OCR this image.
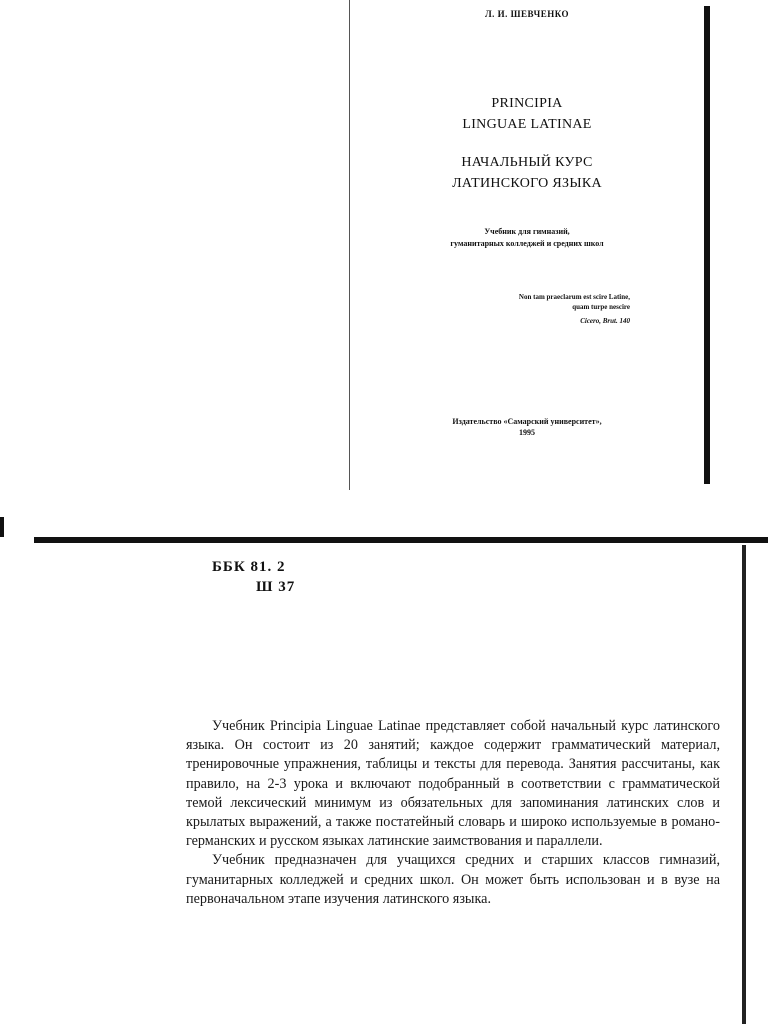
Л. И. ШЕВЧЕНКО
PRINCIPIA
LINGUAE LATINAE
НАЧАЛЬНЫЙ КУРС
ЛАТИНСКОГО ЯЗЫКА
Учебник для гимназий,
гуманитарных колледжей и средних школ
Non tam praeclarum est scire Latine,
quam turpe nescire
Cicero, Brut. 140
Издательство «Самарский университет»,
1995
ББК 81. 2
Ш 37

Учебник Principia Linguae Latinae представляет собой начальный курс латинского языка. Он состоит из 20 занятий; каждое содержит грамматический материал, тренировочные упражнения, таблицы и тексты для перевода. Занятия рассчитаны, как правило, на 2-3 урока и включают подобранный в соответствии с грамматической темой лексический минимум из обязательных для запоминания латинских слов и крылатых выражений, а также постатейный словарь и широко используемые в романо-германских и русском языках латинские заимствования и параллели.

Учебник предназначен для учащихся средних и старших классов гимназий, гуманитарных колледжей и средних школ. Он может быть использован и в вузе на первоначальном этапе изучения латинского языка.
